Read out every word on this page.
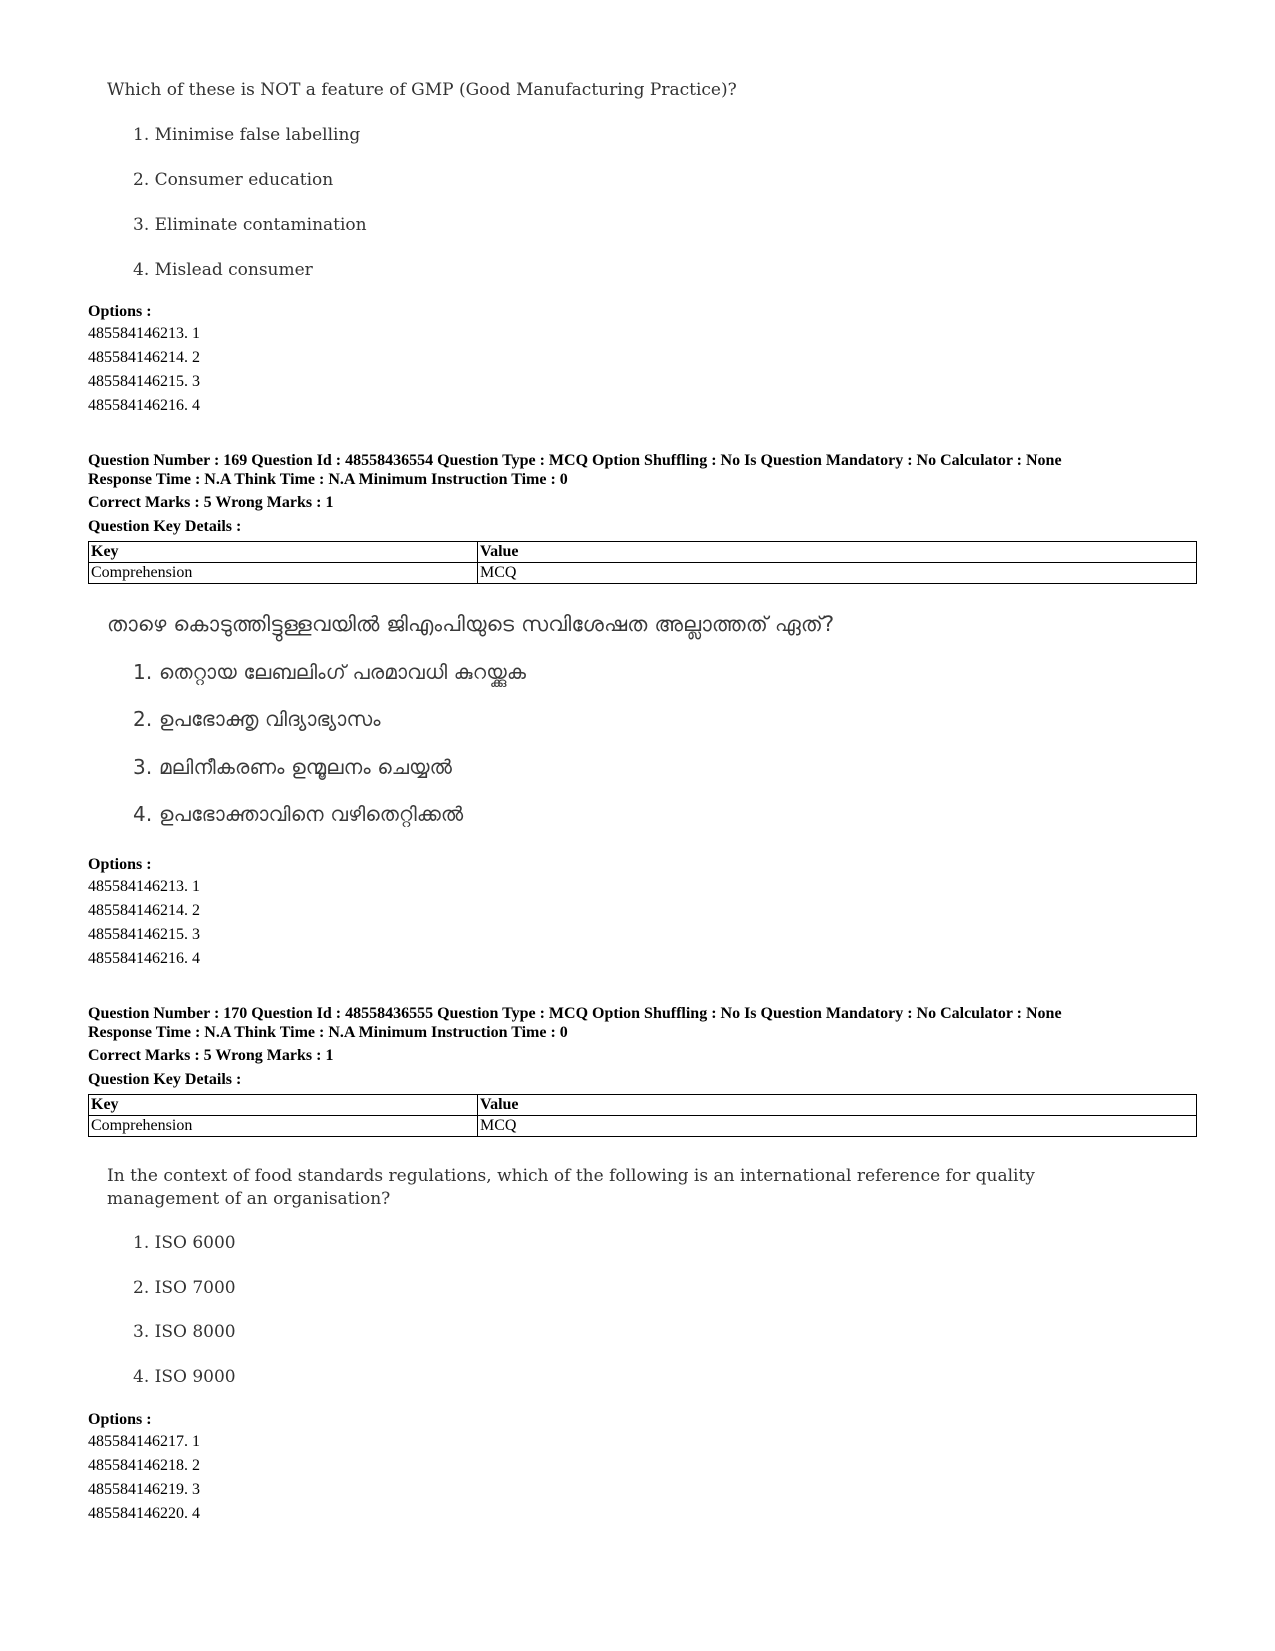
Which of these is NOT a feature of GMP (Good Manufacturing Practice)?
1. Minimise false labelling
2. Consumer education
3. Eliminate contamination
4. Mislead consumer
Options :
485584146213. 1
485584146214. 2
485584146215. 3
485584146216. 4
Question Number : 169 Question Id : 48558436554 Question Type : MCQ Option Shuffling : No Is Question Mandatory : No Calculator : None
Response Time : N.A Think Time : N.A Minimum Instruction Time : 0
Correct Marks : 5 Wrong Marks : 1
Question Key Details :
Key	Value
Comprehension	MCQ
താഴെ കൊടുത്തിട്ടുള്ളവയിൽ ജിഎംപിയുടെ സവിശേഷത അല്ലാത്തത് ഏത്?
1. തെറ്റായ ലേബലിംഗ് പരമാവധി കുറയ്ക്കുക
2. ഉപഭോക്തൃ വിദ്യാഭ്യാസം
3. മലിനീകരണം ഉന്മൂലനം ചെയ്യൽ
4. ഉപഭോക്താവിനെ വഴിതെറ്റിക്കൽ
Options :
485584146213. 1
485584146214. 2
485584146215. 3
485584146216. 4
Question Number : 170 Question Id : 48558436555 Question Type : MCQ Option Shuffling : No Is Question Mandatory : No Calculator : None
Response Time : N.A Think Time : N.A Minimum Instruction Time : 0
Correct Marks : 5 Wrong Marks : 1
Question Key Details :
Key	Value
Comprehension	MCQ
In the context of food standards regulations, which of the following is an international reference for quality
management of an organisation?
1. ISO 6000
2. ISO 7000
3. ISO 8000
4. ISO 9000
Options :
485584146217. 1
485584146218. 2
485584146219. 3
485584146220. 4
